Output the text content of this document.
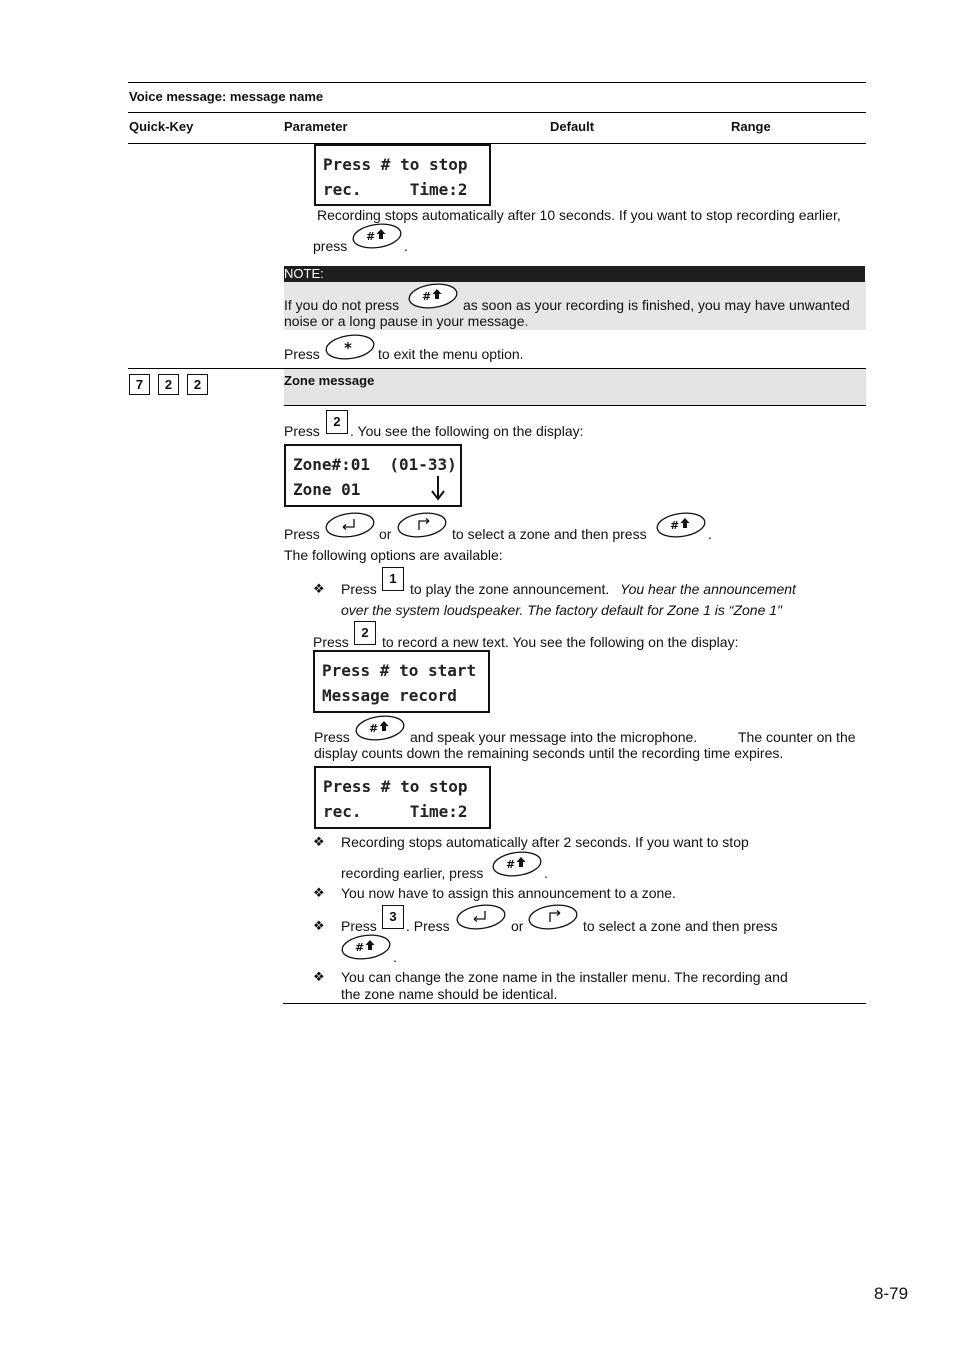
Voice message: message name
Quick-Key	Parameter	Default	Range
Press # to stop
rec.     Time:2
Recording stops automatically after 10 seconds. If you want to stop recording earlier,
press	.
NOTE:
If you do not press	as soon as your recording is finished, you may have unwanted
noise or a long pause in your message.
Press	to exit the menu option.
7	2	2	Zone message
Press
2
. You see the following on the display:
Zone#:01  (01-33)
Zone 01
Press	or	to select a zone and then press	.
The following options are available:
❖ Press
1
to play the zone announcement. You hear the announcement
over the system loudspeaker. The factory default for Zone 1 is “Zone 1"
Press
2
to record a new text. You see the following on the display:
Press # to start
Message record
Press	and speak your message into the microphone.	The counter on the
display counts down the remaining seconds until the recording time expires.
Press # to stop
rec.     Time:2
❖ Recording stops automatically after 2 seconds. If you want to stop
recording earlier, press	.
❖ You now have to assign this announcement to a zone.
❖ Press
3
. Press	or	to select a zone and then press
.
❖ You can change the zone name in the installer menu. The recording and
the zone name should be identical.
8-79
